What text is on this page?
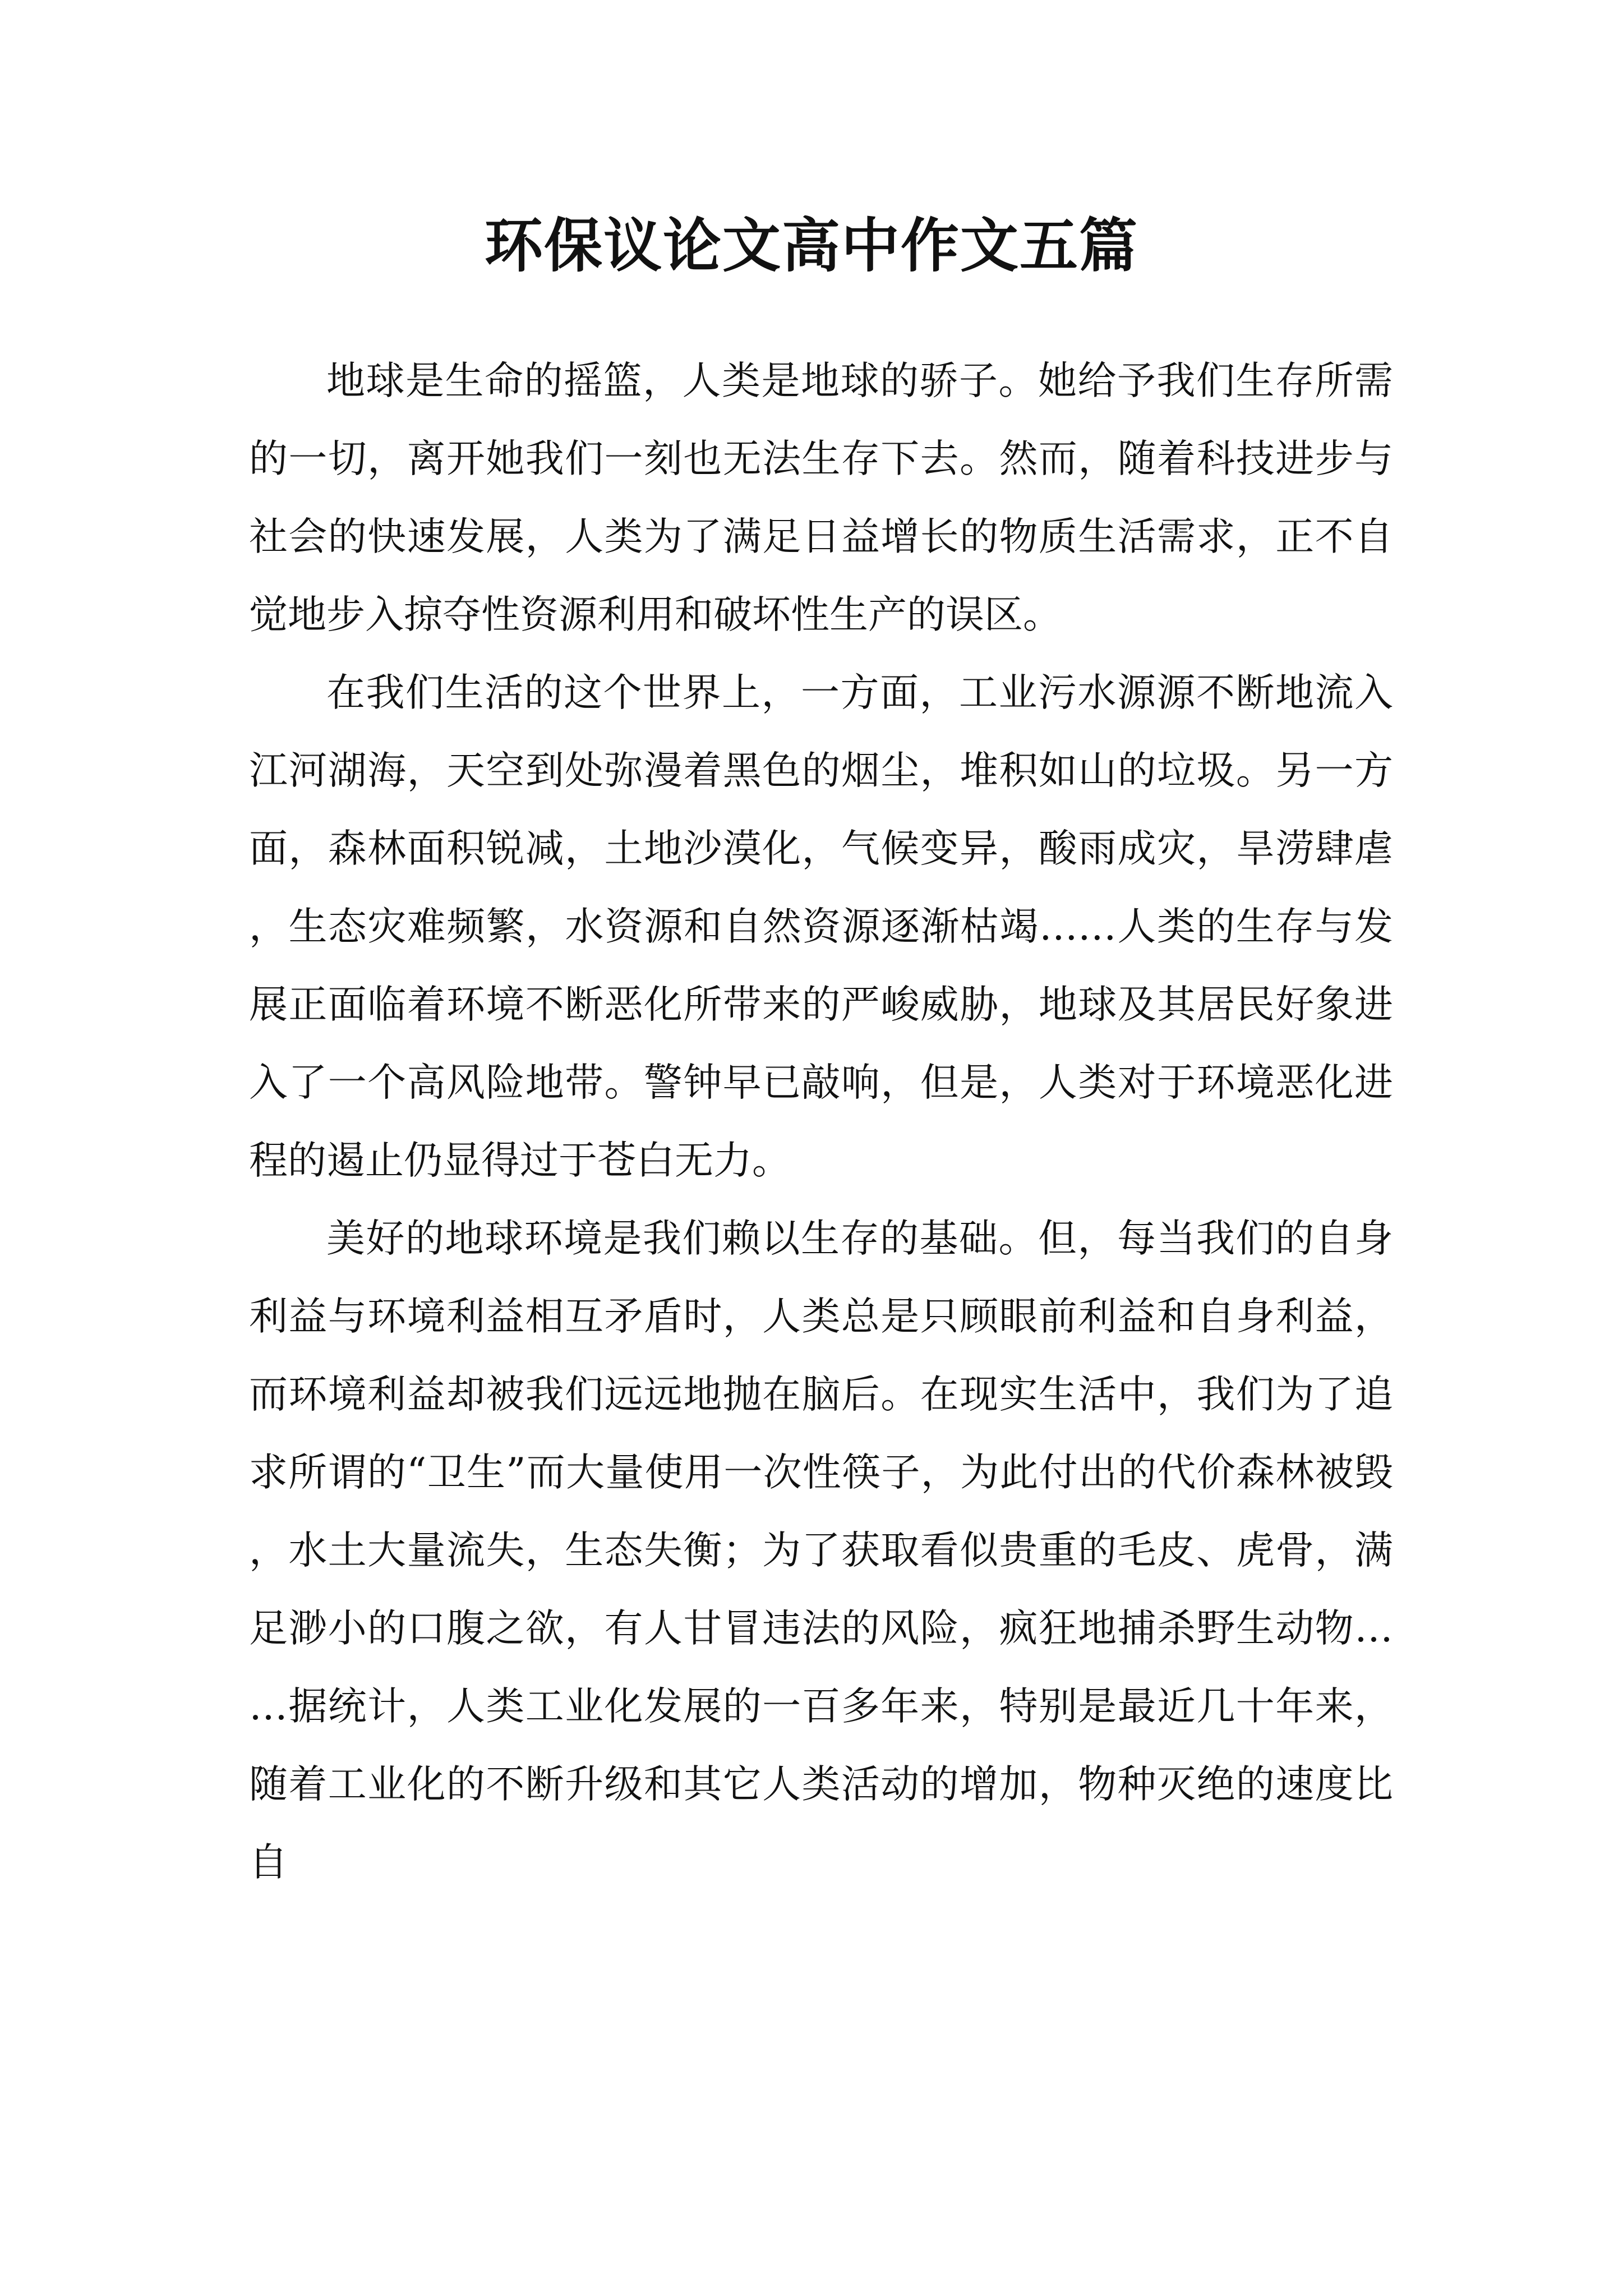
环保议论文高中作文五篇

地球是生命的摇篮，人类是地球的骄子。她给予我们生存所需的一切，离开她我们一刻也无法生存下去。然而，随着科技进步与社会的快速发展，人类为了满足日益增长的物质生活需求，正不自觉地步入掠夺性资源利用和破坏性生产的误区。

在我们生活的这个世界上，一方面，工业污水源源不断地流入江河湖海，天空到处弥漫着黑色的烟尘，堆积如山的垃圾。另一方面，森林面积锐减，土地沙漠化，气候变异，酸雨成灾，旱涝肆虐，生态灾难频繁，水资源和自然资源逐渐枯竭……人类的生存与发展正面临着环境不断恶化所带来的严峻威胁，地球及其居民好象进入了一个高风险地带。警钟早已敲响，但是，人类对于环境恶化进程的遏止仍显得过于苍白无力。

美好的地球环境是我们赖以生存的基础。但，每当我们的自身利益与环境利益相互矛盾时，人类总是只顾眼前利益和自身利益，而环境利益却被我们远远地抛在脑后。在现实生活中，我们为了追求所谓的“卫生”而大量使用一次性筷子，为此付出的代价森林被毁，水土大量流失，生态失衡；为了获取看似贵重的毛皮、虎骨，满足渺小的口腹之欲，有人甘冒违法的风险，疯狂地捕杀野生动物……据统计，人类工业化发展的一百多年来，特别是最近几十年来，随着工业化的不断升级和其它人类活动的增加，物种灭绝的速度比自
